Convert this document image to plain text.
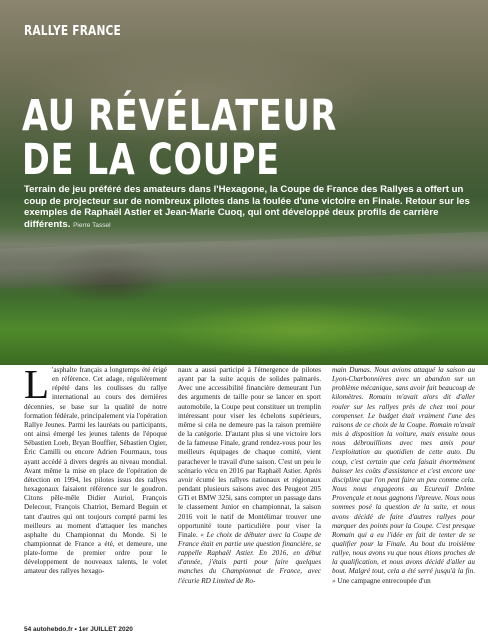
RALLYE FRANCE
AU RÉVÉLATEUR
DE LA COUPE
Terrain de jeu préféré des amateurs dans l'Hexagone, la Coupe de France des Rallyes a offert un coup de projecteur sur de nombreux pilotes dans la foulée d'une victoire en Finale. Retour sur les exemples de Raphaël Astier et Jean-Marie Cuoq, qui ont développé deux profils de carrière différents. Pierre Tassel
L 'asphalte français a longtemps été érigé en référence. Cet adage, régulièrement répété dans les coulisses du rallye international au cours des dernières décennies, se base sur la qualité de notre formation fédérale, principalement via l'opération Rallye Jeunes. Parmi les lauréats ou participants, ont ainsi émergé les jeunes talents de l'époque Sébastien Loeb, Bryan Bouffier, Sébastien Ogier, Éric Camilli ou encore Adrien Fourmaux, tous ayant accédé à divers degrés au niveau mondial. Avant même la mise en place de l'opération de détection en 1994, les pilotes issus des rallyes hexagonaux faisaient référence sur le goudron. Citons pêle-mêle Didier Auriol, François Delecour, François Chatriot, Bernard Beguin et tant d'autres qui ont toujours compté parmi les meilleurs au moment d'attaquer les manches asphalte du Championnat du Monde. Si le championnat de France a été, et demeure, une plate-forme de premier ordre pour le développement de nouveaux talents, le volet amateur des rallyes hexago-
naux a aussi participé à l'émergence de pilotes ayant par la suite acquis de solides palmarès. Avec une accessibilité financière demeurant l'un des arguments de taille pour se lancer en sport automobile, la Coupe peut constituer un tremplin intéressant pour viser les échelons supérieurs, même si cela ne demeure pas la raison première de la catégorie. D'autant plus si une victoire lors de la fameuse Finale, grand rendez-vous pour les meilleurs équipages de chaque comité, vient parachever le travail d'une saison. C'est un peu le scénario vécu en 2016 par Raphaël Astier. Après avoir écumé les rallyes nationaux et régionaux pendant plusieurs saisons avec des Peugeot 205 GTi et BMW 325i, sans compter un passage dans le classement Junior en championnat, la saison 2016 voit le natif de Montélimar trouver une opportunité toute particulière pour viser la Finale. « Le choix de débuter avec la Coupe de France était en partie une question financière, se rappelle Raphaël Astier. En 2016, en début d'année, j'étais parti pour faire quelques manches du Championnat de France, avec l'écurie RD Limited de Ro-
main Dumas. Nous avions attaqué la saison au Lyon-Charbonnières avec un abandon sur un problème mécanique, sans avoir fait beaucoup de kilomètres. Romain m'avait alors dit d'aller rouler sur les rallyes près de chez moi pour compenser. Le budget était vraiment l'une des raisons de ce choix de la Coupe. Romain m'avait mis à disposition la voiture, mais ensuite nous nous débrouillions avec mes amis pour l'exploitation au quotidien de cette auto. Du coup, c'est certain que cela faisait énormément baisser les coûts d'assistance et c'est encore une discipline que l'on peut faire un peu comme cela. Nous nous engageons au Ecureuil Drôme Provençale et nous gagnons l'épreuve. Nous nous sommes posé la question de la suite, et nous avons décidé de faire d'autres rallyes pour marquer des points pour la Coupe. C'est presque Romain qui a eu l'idée en fait de tenter de se qualifier pour la Finale. Au bout du troisième rallye, nous avons vu que nous étions proches de la qualification, et nous avons décidé d'aller au bout. Malgré tout, cela a été serré jusqu'à la fin. » Une campagne entrecoupée d'un
54 autohebdo.fr • 1er JUILLET 2020
